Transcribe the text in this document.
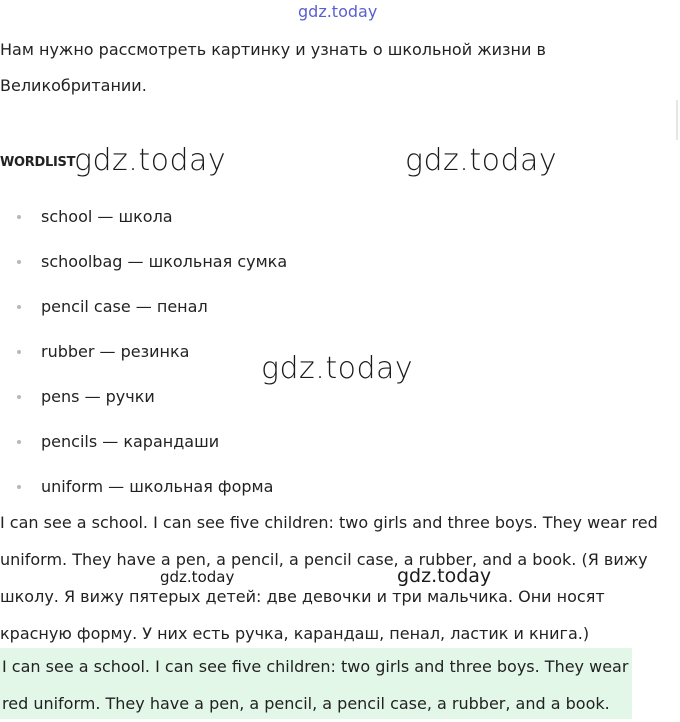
gdz.today

Нам нужно рассмотреть картинку и узнать о школьной жизни в Великобритании.

WORDLIST
gdz.today	gdz.today
school — школа
schoolbag — школьная сумка
pencil case — пенал
rubber — резинка
pens — ручки
pencils — карандаши
uniform — школьная форма
gdz.today

I can see a school. I can see five children: two girls and three boys. They wear red uniform. They have a pen, a pencil, a pencil case, a rubber, and a book. (Я вижу школу. Я вижу пятерых детей: две девочки и три мальчика. Они носят красную форму. У них есть ручка, карандаш, пенал, ластик и книга.)

gdz.today	gdz.today

I can see a school. I can see five children: two girls and three boys. They wear red uniform. They have a pen, a pencil, a pencil case, a rubber, and a book.
